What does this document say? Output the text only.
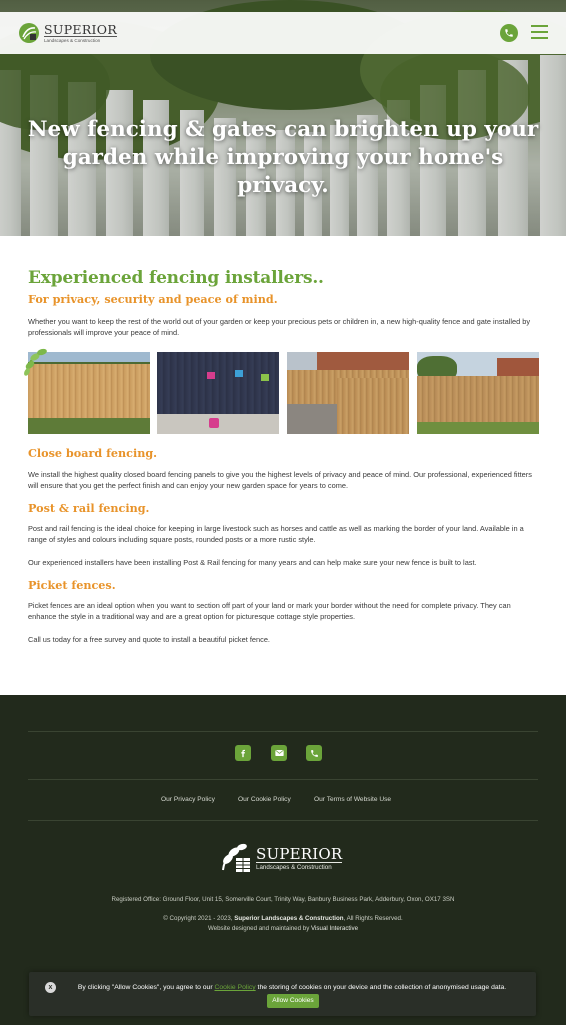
New fencing & gates can brighten up your garden while improving your home's privacy.
SUPERIOR
Landscapes & Construction
Experienced fencing installers..
For privacy, security and peace of mind.
Whether you want to keep the rest of the world out of your garden or keep your precious pets or children in, a new high-quality fence and gate installed by professionals will improve your peace of mind.
Close board fencing.
We install the highest quality closed board fencing panels to give you the highest levels of privacy and peace of mind. Our professional, experienced fitters will ensure that you get the perfect finish and can enjoy your new garden space for years to come.
Post & rail fencing.
Post and rail fencing is the ideal choice for keeping in large livestock such as horses and cattle as well as marking the border of your land. Available in a range of styles and colours including square posts, rounded posts or a more rustic style.
Our experienced installers have been installing Post & Rail fencing for many years and can help make sure your new fence is built to last.
Picket fences.
Picket fences are an ideal option when you want to section off part of your land or mark your border without the need for complete privacy. They can enhance the style in a traditional way and are a great option for picturesque cottage style properties.
Call us today for a free survey and quote to install a beautiful picket fence.
Our Privacy Policy	Our Cookie Policy	Our Terms of Website Use
SUPERIOR
Landscapes & Construction
Registered Office: Ground Floor, Unit 15, Somerville Court, Trinity Way, Banbury Business Park, Adderbury, Oxon, OX17 3SN
© Copyright 2021 - 2023, Superior Landscapes & Construction, All Rights Reserved.
Website designed and maintained by Visual Interactive
x	By clicking "Allow Cookies", you agree to our Cookie Policy the storing of cookies on your device and the collection of anonymised usage data. Allow Cookies
